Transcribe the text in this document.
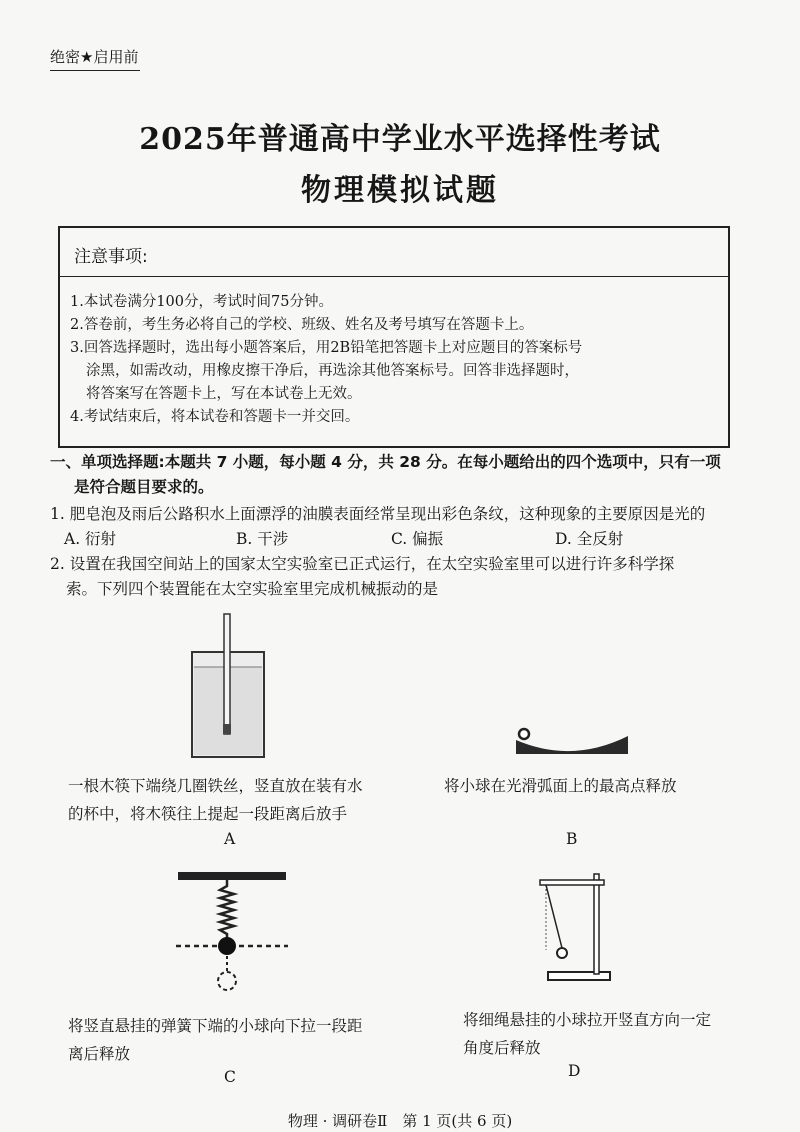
绝密★启用前
2025年普通高中学业水平选择性考试
物理模拟试题
注意事项:
1.本试卷满分100分，考试时间75分钟。
2.答卷前，考生务必将自己的学校、班级、姓名及考号填写在答题卡上。
3.回答选择题时，选出每小题答案后，用2B铅笔把答题卡上对应题目的答案标号
涂黑，如需改动，用橡皮擦干净后，再选涂其他答案标号。回答非选择题时，
将答案写在答题卡上，写在本试卷上无效。
4.考试结束后，将本试卷和答题卡一并交回。
一、单项选择题:本题共 7 小题，每小题 4 分，共 28 分。在每小题给出的四个选项中，只有一项
是符合题目要求的。
1. 肥皂泡及雨后公路积水上面漂浮的油膜表面经常呈现出彩色条纹，这种现象的主要原因是光的
A. 衍射	B. 干涉	C. 偏振	D. 全反射
2. 设置在我国空间站上的国家太空实验室已正式运行，在太空实验室里可以进行许多科学探
索。下列四个装置能在太空实验室里完成机械振动的是
一根木筷下端绕几圈铁丝，竖直放在装有水
的杯中，将木筷往上提起一段距离后放手
将小球在光滑弧面上的最高点释放
A	B
将竖直悬挂的弹簧下端的小球向下拉一段距
离后释放
将细绳悬挂的小球拉开竖直方向一定
角度后释放
C	D
物理 · 调研卷Ⅱ　第 1 页(共 6 页)
